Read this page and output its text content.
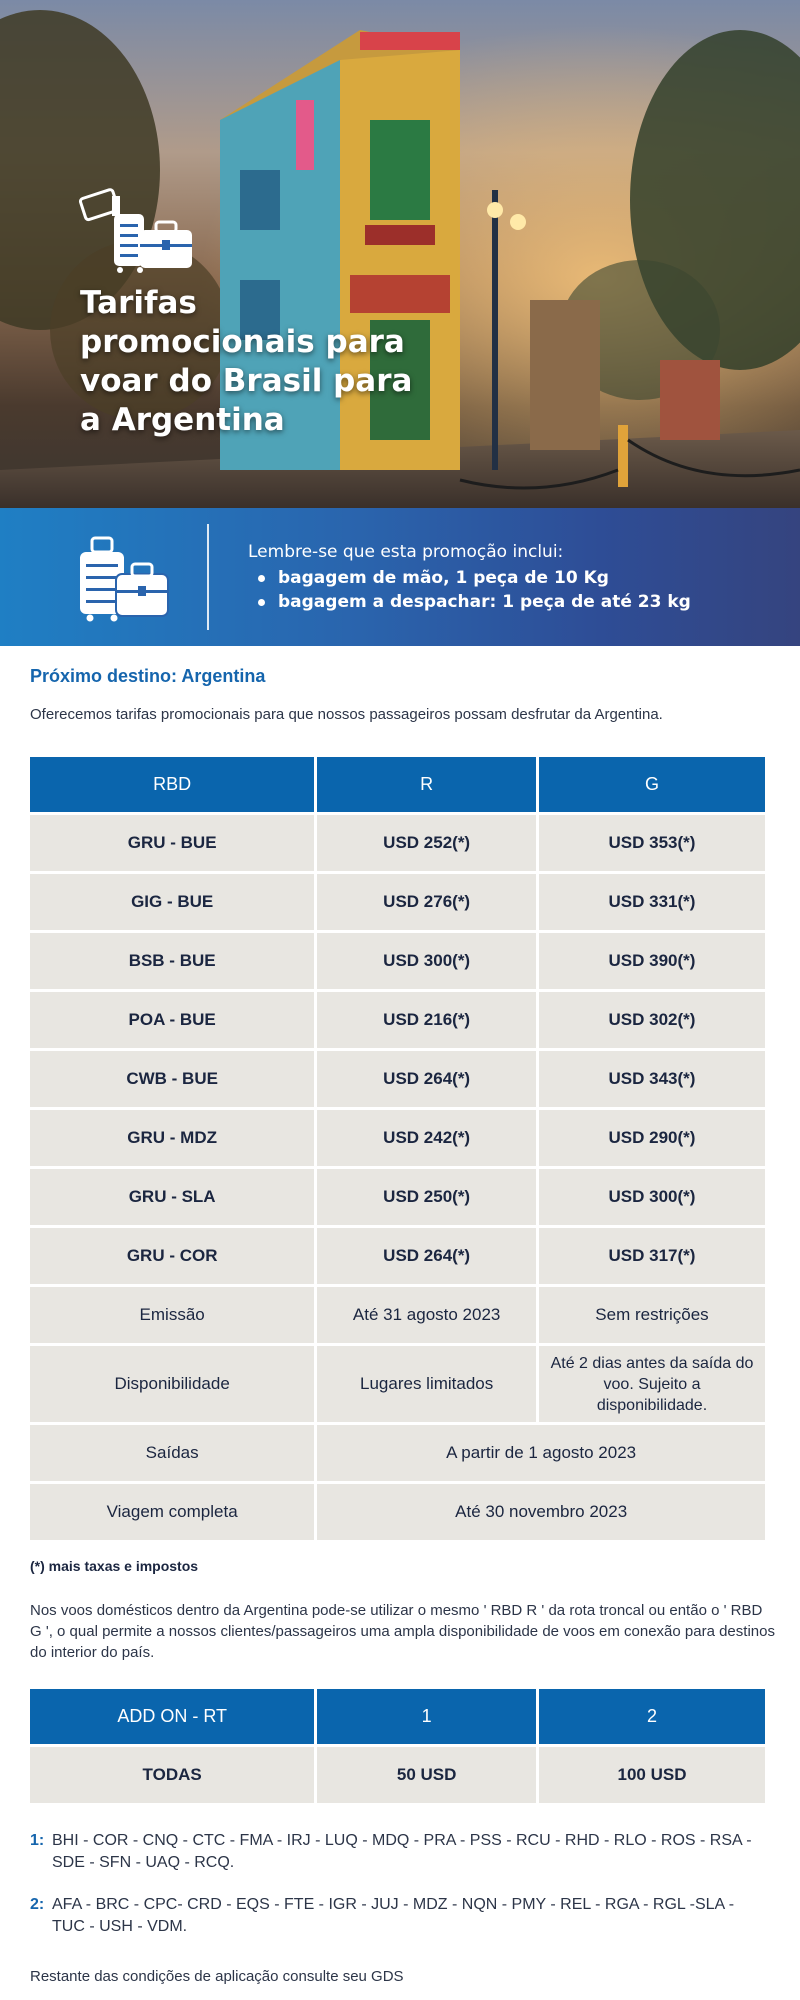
Tarifas promocionais para voar do Brasil para a Argentina
Lembre-se que esta promoção inclui:
bagagem de mão, 1 peça de 10 Kg
bagagem a despachar: 1 peça de até 23 kg
Próximo destino: Argentina
Oferecemos tarifas promocionais para que nossos passageiros possam desfrutar da Argentina.
RBD	R	G
GRU - BUE	USD 252(*)	USD 353(*)
GIG - BUE	USD 276(*)	USD 331(*)
BSB - BUE	USD 300(*)	USD 390(*)
POA - BUE	USD 216(*)	USD 302(*)
CWB - BUE	USD 264(*)	USD 343(*)
GRU - MDZ	USD 242(*)	USD 290(*)
GRU - SLA	USD 250(*)	USD 300(*)
GRU - COR	USD 264(*)	USD 317(*)
Emissão	Até 31 agosto 2023	Sem restrições
Disponibilidade	Lugares limitados	Até 2 dias antes da saída do voo. Sujeito a disponibilidade.
Saídas	A partir de 1 agosto 2023	
Viagem completa	Até 30 novembro 2023	
(*) mais taxas e impostos
Nos voos domésticos dentro da Argentina pode-se utilizar o mesmo ' RBD R ' da rota troncal ou então o ' RBD G ', o qual permite a nossos clientes/passageiros uma ampla disponibilidade de voos em conexão para destinos do interior do país.
ADD ON - RT	1	2
TODAS	50 USD	100 USD
1: BHI - COR - CNQ - CTC - FMA - IRJ - LUQ - MDQ - PRA - PSS - RCU - RHD - RLO - ROS - RSA - SDE - SFN - UAQ - RCQ.
2: AFA - BRC - CPC- CRD - EQS - FTE - IGR - JUJ - MDZ - NQN - PMY - REL - RGA - RGL -SLA - TUC - USH - VDM.
Restante das condições de aplicação consulte seu GDS
